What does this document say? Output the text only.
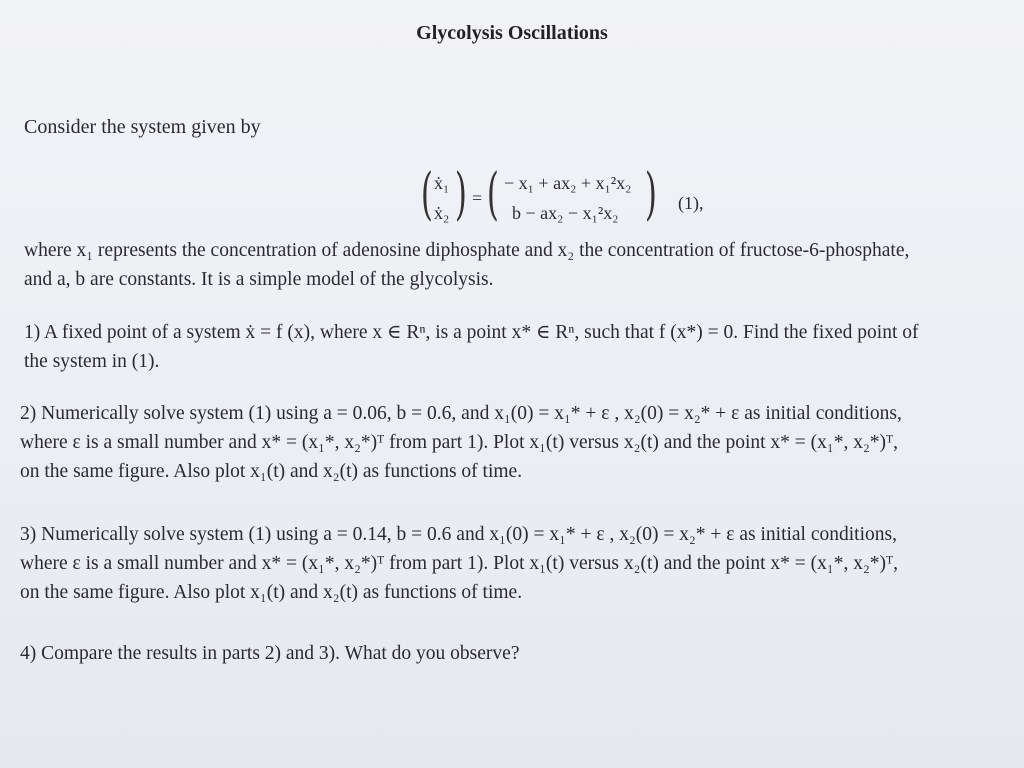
Glycolysis Oscillations
Consider the system given by
( ẋ₁
ẋ₂ ) = ( − x₁ + ax₂ + x₁²x₂
b − ax₂ − x₁²x₂ ) (1),
where x₁ represents the concentration of adenosine diphosphate and x₂ the concentration of fructose-6-phosphate,
and a, b are constants. It is a simple model of the glycolysis.
1) A fixed point of a system ẋ = f (x), where x ∈ Rⁿ, is a point x* ∈ Rⁿ, such that f (x*) = 0. Find the fixed point of
the system in (1).
2) Numerically solve system (1) using a = 0.06, b = 0.6, and x₁(0) = x₁* + ε , x₂(0) = x₂* + ε as initial conditions,
where ε is a small number and x* = (x₁*, x₂*)ᵀ from part 1). Plot x₁(t) versus x₂(t) and the point x* = (x₁*, x₂*)ᵀ,
on the same figure. Also plot x₁(t) and x₂(t) as functions of time.
3) Numerically solve system (1) using a = 0.14, b = 0.6 and x₁(0) = x₁* + ε , x₂(0) = x₂* + ε as initial conditions,
where ε is a small number and x* = (x₁*, x₂*)ᵀ from part 1). Plot x₁(t) versus x₂(t) and the point x* = (x₁*, x₂*)ᵀ,
on the same figure. Also plot x₁(t) and x₂(t) as functions of time.
4) Compare the results in parts 2) and 3). What do you observe?
